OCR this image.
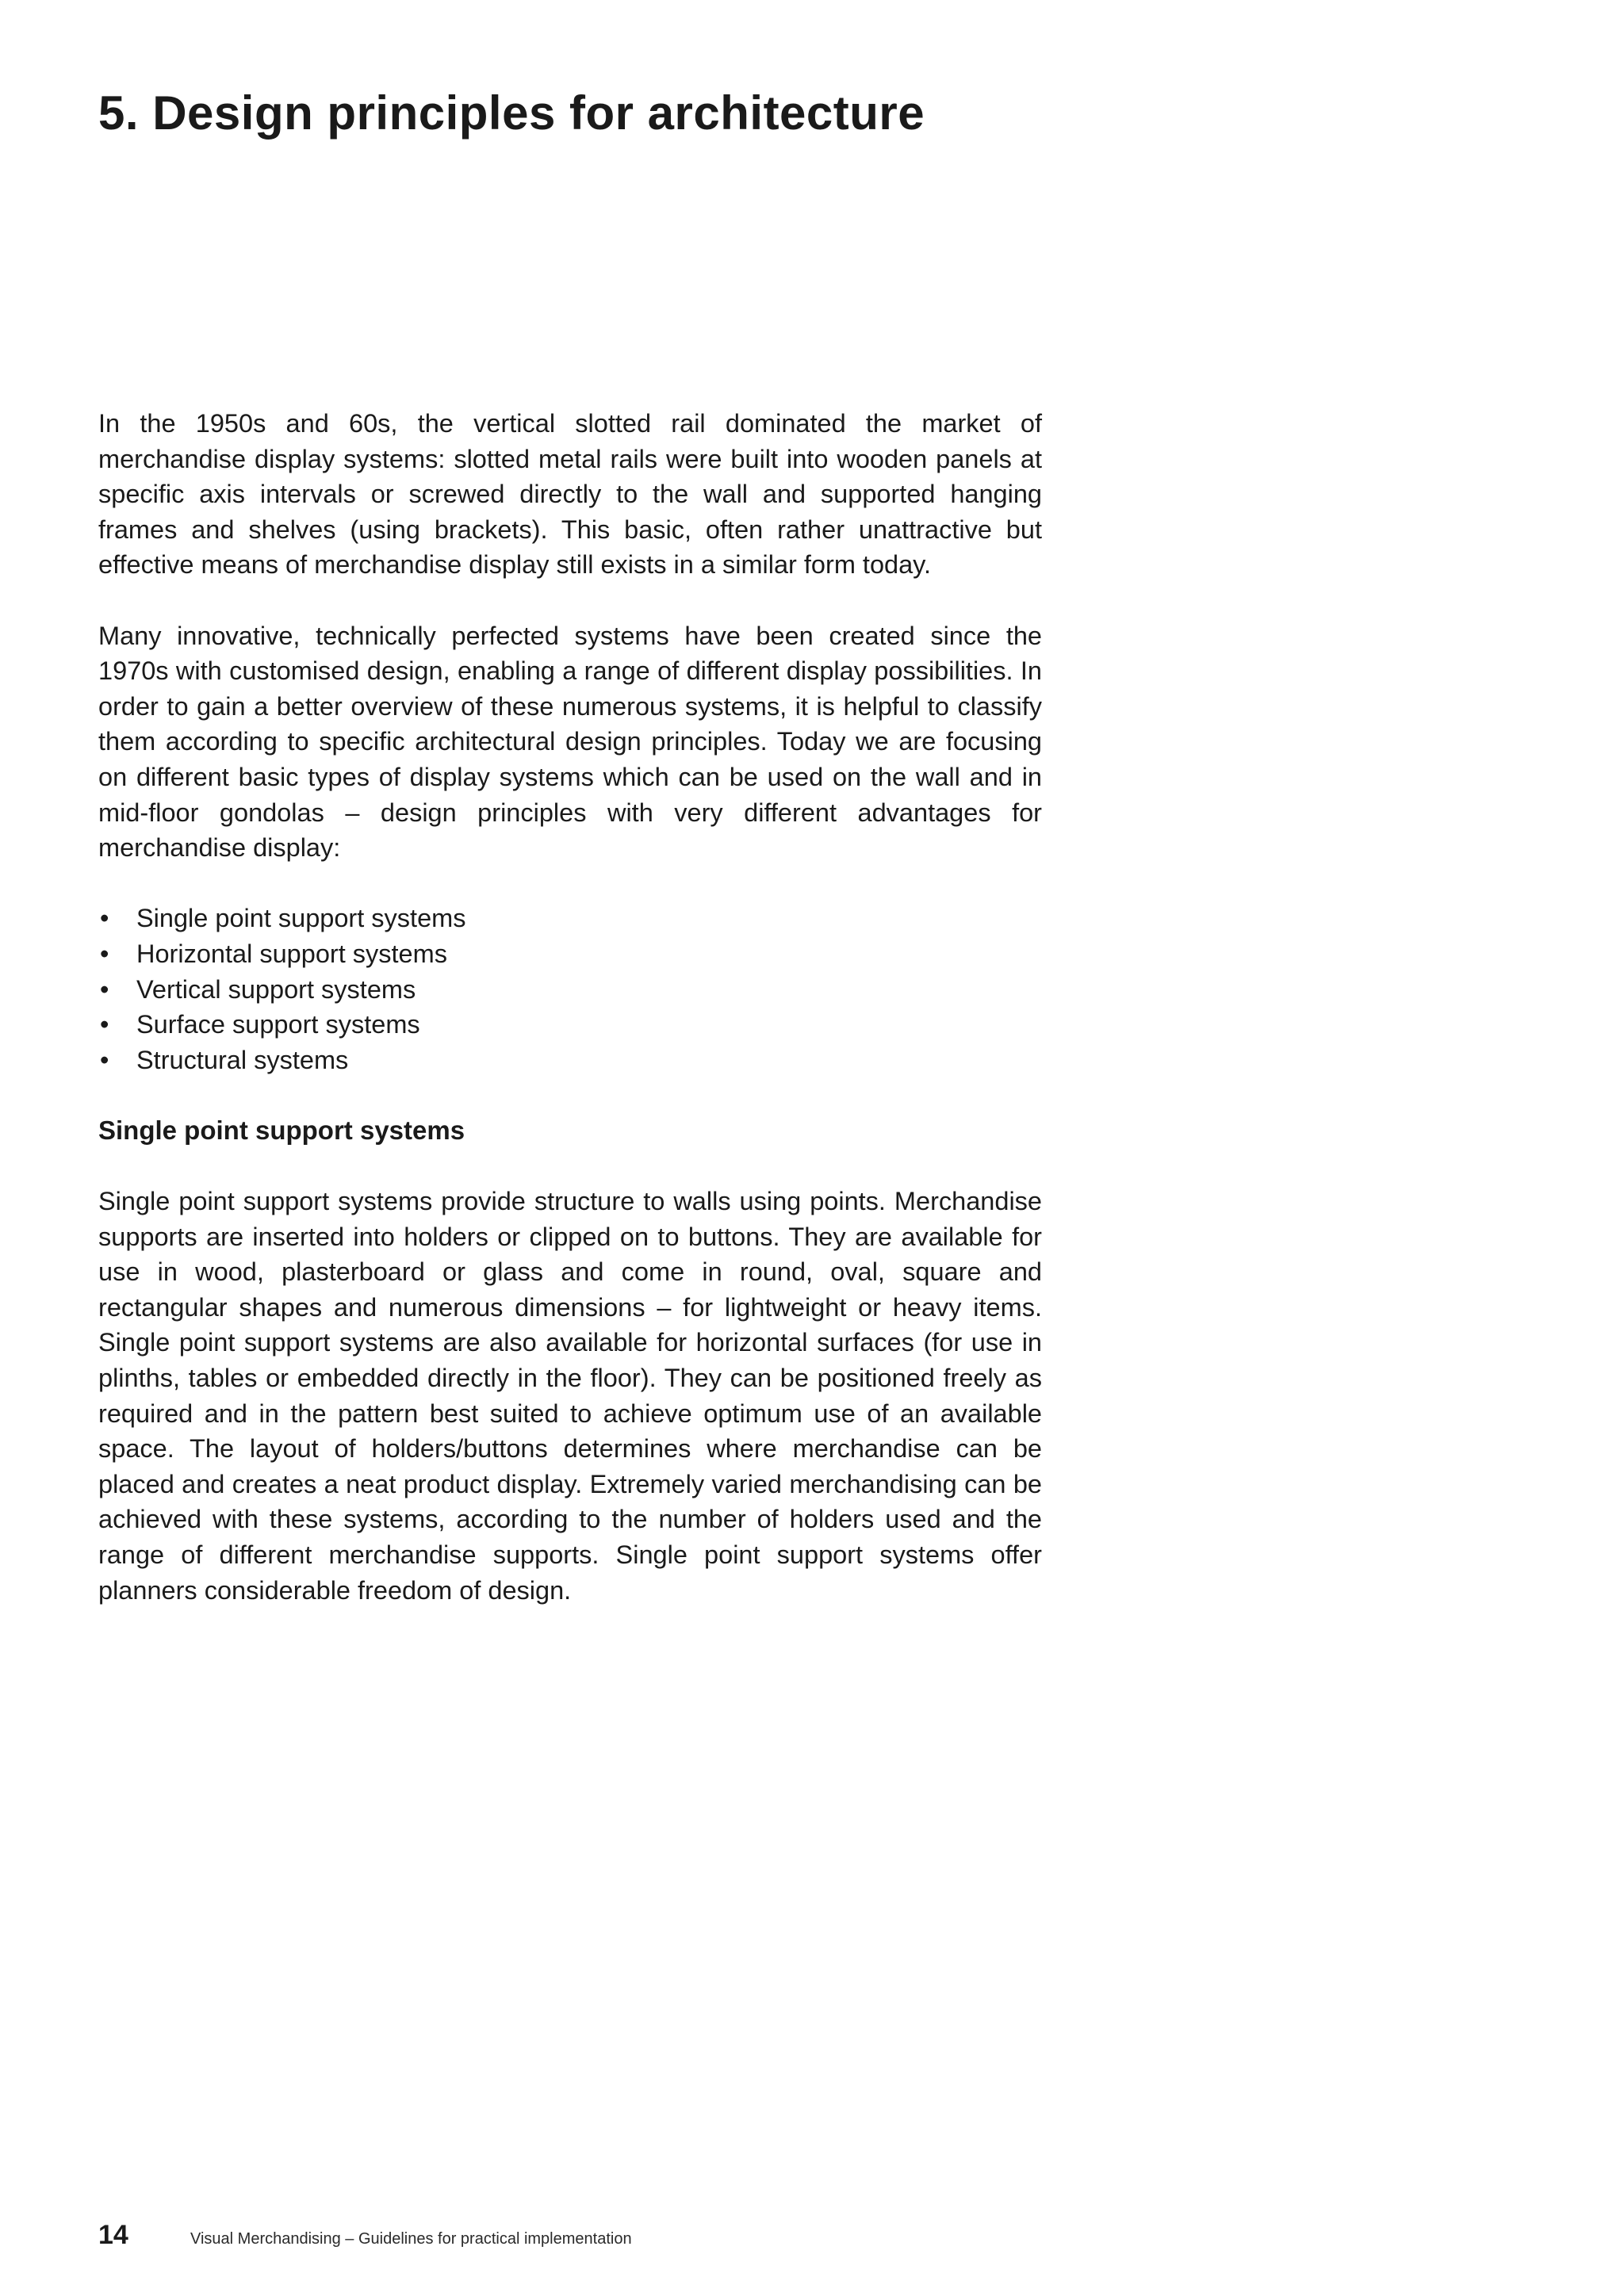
5. Design principles for architecture

In the 1950s and 60s, the vertical slotted rail dominated the market of merchandise display systems: slotted metal rails were built into wooden panels at specific axis intervals or screwed directly to the wall and supported hanging frames and shelves (using brackets). This basic, often rather unattractive but effective means of merchandise display still exists in a similar form today.

Many innovative, technically perfected systems have been created since the 1970s with customised design, enabling a range of different display possibilities. In order to gain a better overview of these numerous systems, it is helpful to classify them according to specific architectural design principles. Today we are focusing on different basic types of display systems which can be used on the wall and in mid-floor gondolas – design principles with very different advantages for merchandise display:

• Single point support systems
• Horizontal support systems
• Vertical support systems
• Surface support systems
• Structural systems
Single point support systems

Single point support systems provide structure to walls using points. Merchandise supports are inserted into holders or clipped on to buttons. They are available for use in wood, plasterboard or glass and come in round, oval, square and rectangular shapes and numerous dimensions – for lightweight or heavy items. Single point support systems are also available for horizontal surfaces (for use in plinths, tables or embedded directly in the floor). They can be positioned freely as required and in the pattern best suited to achieve optimum use of an available space. The layout of holders/buttons determines where merchandise can be placed and creates a neat product display. Extremely varied merchandising can be achieved with these systems, according to the number of holders used and the range of different merchandise supports. Single point support systems offer planners considerable freedom of design.

14	Visual Merchandising – Guidelines for practical implementation
